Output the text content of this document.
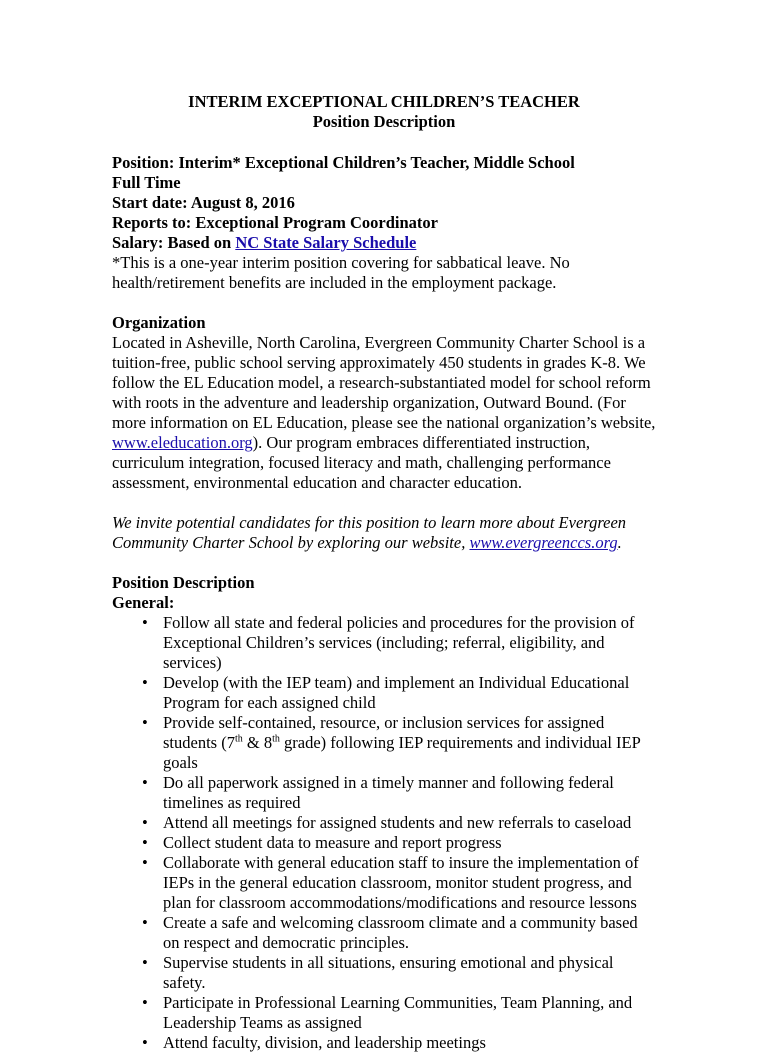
INTERIM EXCEPTIONAL CHILDREN’S TEACHER
Position Description
Position: Interim* Exceptional Children’s Teacher, Middle School
Full Time
Start date: August 8, 2016
Reports to: Exceptional Program Coordinator
Salary: Based on NC State Salary Schedule
*This is a one-year interim position covering for sabbatical leave. No health/retirement benefits are included in the employment package.
Organization

Located in Asheville, North Carolina, Evergreen Community Charter School is a tuition-free, public school serving approximately 450 students in grades K-8. We follow the EL Education model, a research-substantiated model for school reform with roots in the adventure and leadership organization, Outward Bound. (For more information on EL Education, please see the national organization’s website, www.eleducation.org). Our program embraces differentiated instruction, curriculum integration, focused literacy and math, challenging performance assessment, environmental education and character education.

We invite potential candidates for this position to learn more about Evergreen Community Charter School by exploring our website, www.evergreenccs.org.

Position Description
General:
• Follow all state and federal policies and procedures for the provision of Exceptional Children’s services (including; referral, eligibility, and services)
• Develop (with the IEP team) and implement an Individual Educational Program for each assigned child
• Provide self-contained, resource, or inclusion services for assigned students (7th & 8th grade) following IEP requirements and individual IEP goals
• Do all paperwork assigned in a timely manner and following federal timelines as required
• Attend all meetings for assigned students and new referrals to caseload
• Collect student data to measure and report progress
• Collaborate with general education staff to insure the implementation of IEPs in the general education classroom, monitor student progress, and plan for classroom accommodations/modifications and resource lessons
• Create a safe and welcoming classroom climate and a community based on respect and democratic principles.
• Supervise students in all situations, ensuring emotional and physical safety.
• Participate in Professional Learning Communities, Team Planning, and Leadership Teams as assigned
• Attend faculty, division, and leadership meetings
